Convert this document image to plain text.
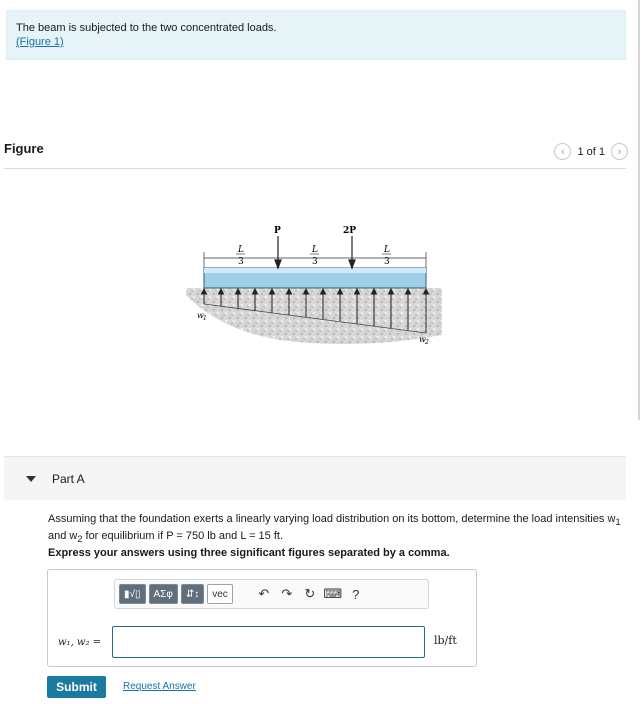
The beam is subjected to the two concentrated loads.
(Figure 1)
Figure	‹	1 of 1	›
P	2P
L
3
L
3
L
3
w 1
w 2
Part A
Assuming that the foundation exerts a linearly varying load distribution on its bottom, determine the load intensities $w_1$ and $w_2$ for equilibrium if P = 750 lb and L = 15 ft.
Express your answers using three significant figures separated by a comma.
▮√▯	ΑΣφ	⇵↕	vec	↶ ↷ ↻ ⌨ ?
w₁, w₂ =	lb/ft
Submit	Request Answer
